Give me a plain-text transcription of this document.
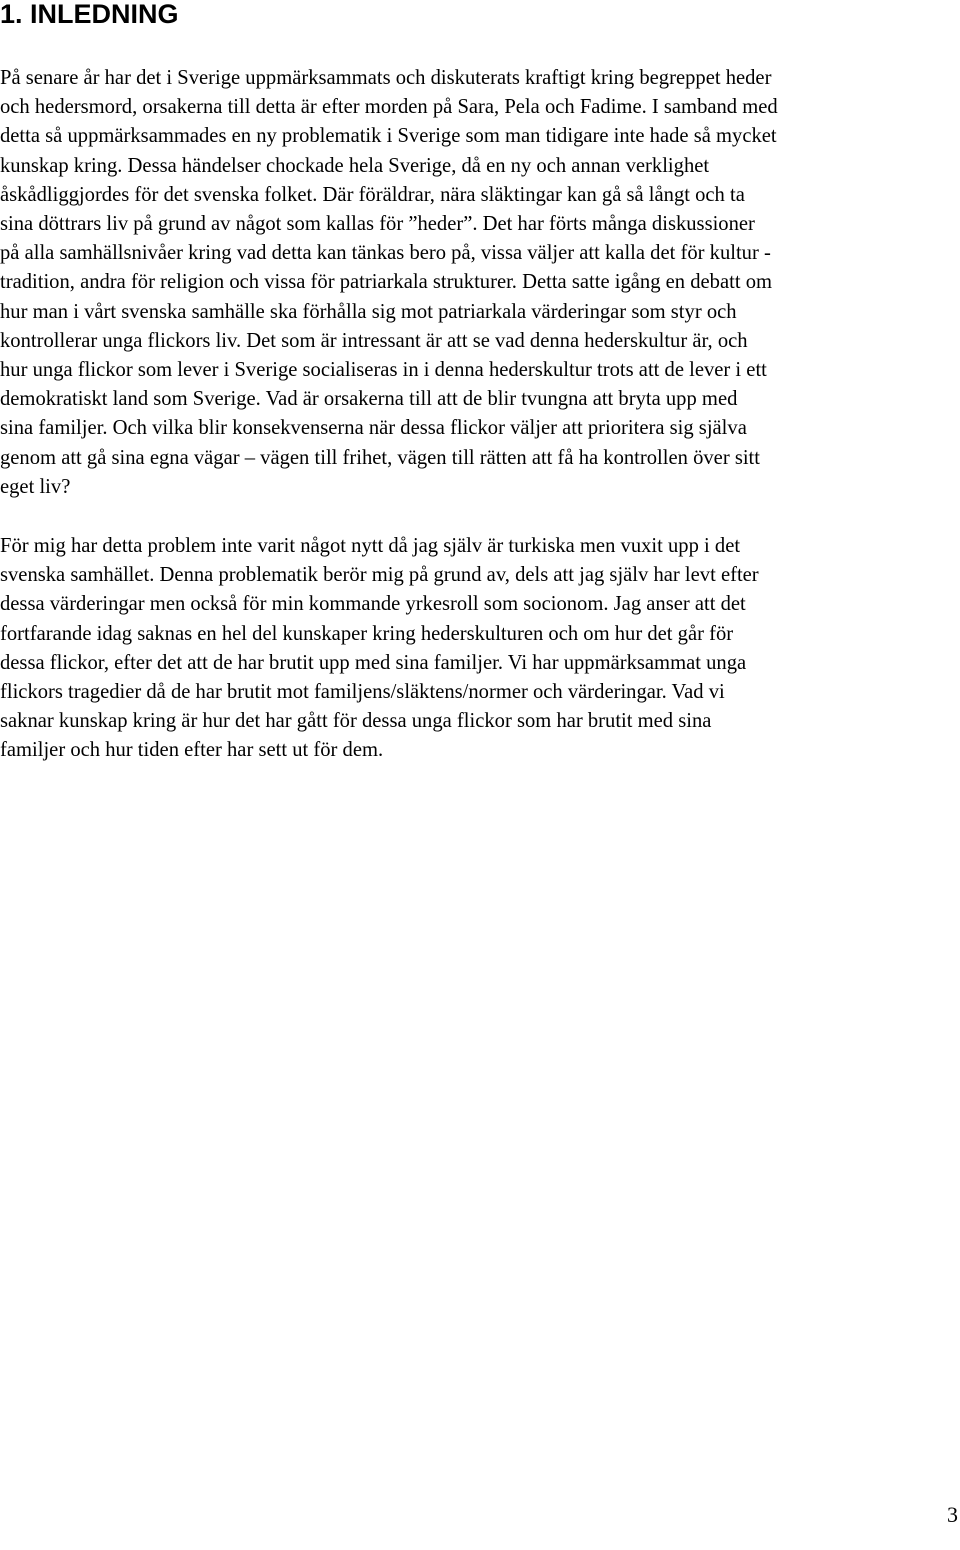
1. INLEDNING
På senare år har det i Sverige uppmärksammats och diskuterats kraftigt kring begreppet heder
och hedersmord, orsakerna till detta är efter morden på Sara, Pela och Fadime. I samband med
detta så uppmärksammades en ny problematik i Sverige som man tidigare inte hade så mycket
kunskap kring. Dessa händelser chockade hela Sverige, då en ny och annan verklighet
åskådliggjordes för det svenska folket. Där föräldrar, nära släktingar kan gå så långt och ta
sina döttrars liv på grund av något som kallas för ”heder”. Det har förts många diskussioner
på alla samhällsnivåer kring vad detta kan tänkas bero på, vissa väljer att kalla det för kultur -
tradition, andra för religion och vissa för patriarkala strukturer. Detta satte igång en debatt om
hur man i vårt svenska samhälle ska förhålla sig mot patriarkala värderingar som styr och
kontrollerar unga flickors liv. Det som är intressant är att se vad denna hederskultur är, och
hur unga flickor som lever i Sverige socialiseras in i denna hederskultur trots att de lever i ett
demokratiskt land som Sverige. Vad är orsakerna till att de blir tvungna att bryta upp med
sina familjer. Och vilka blir konsekvenserna när dessa flickor väljer att prioritera sig själva
genom att gå sina egna vägar – vägen till frihet, vägen till rätten att få ha kontrollen över sitt
eget liv?
För mig har detta problem inte varit något nytt då jag själv är turkiska men vuxit upp i det
svenska samhället. Denna problematik berör mig på grund av, dels att jag själv har levt efter
dessa värderingar men också för min kommande yrkesroll som socionom. Jag anser att det
fortfarande idag saknas en hel del kunskaper kring hederskulturen och om hur det går för
dessa flickor, efter det att de har brutit upp med sina familjer. Vi har uppmärksammat unga
flickors tragedier då de har brutit mot familjens/släktens/normer och värderingar. Vad vi
saknar kunskap kring är hur det har gått för dessa unga flickor som har brutit med sina
familjer och hur tiden efter har sett ut för dem.
3
